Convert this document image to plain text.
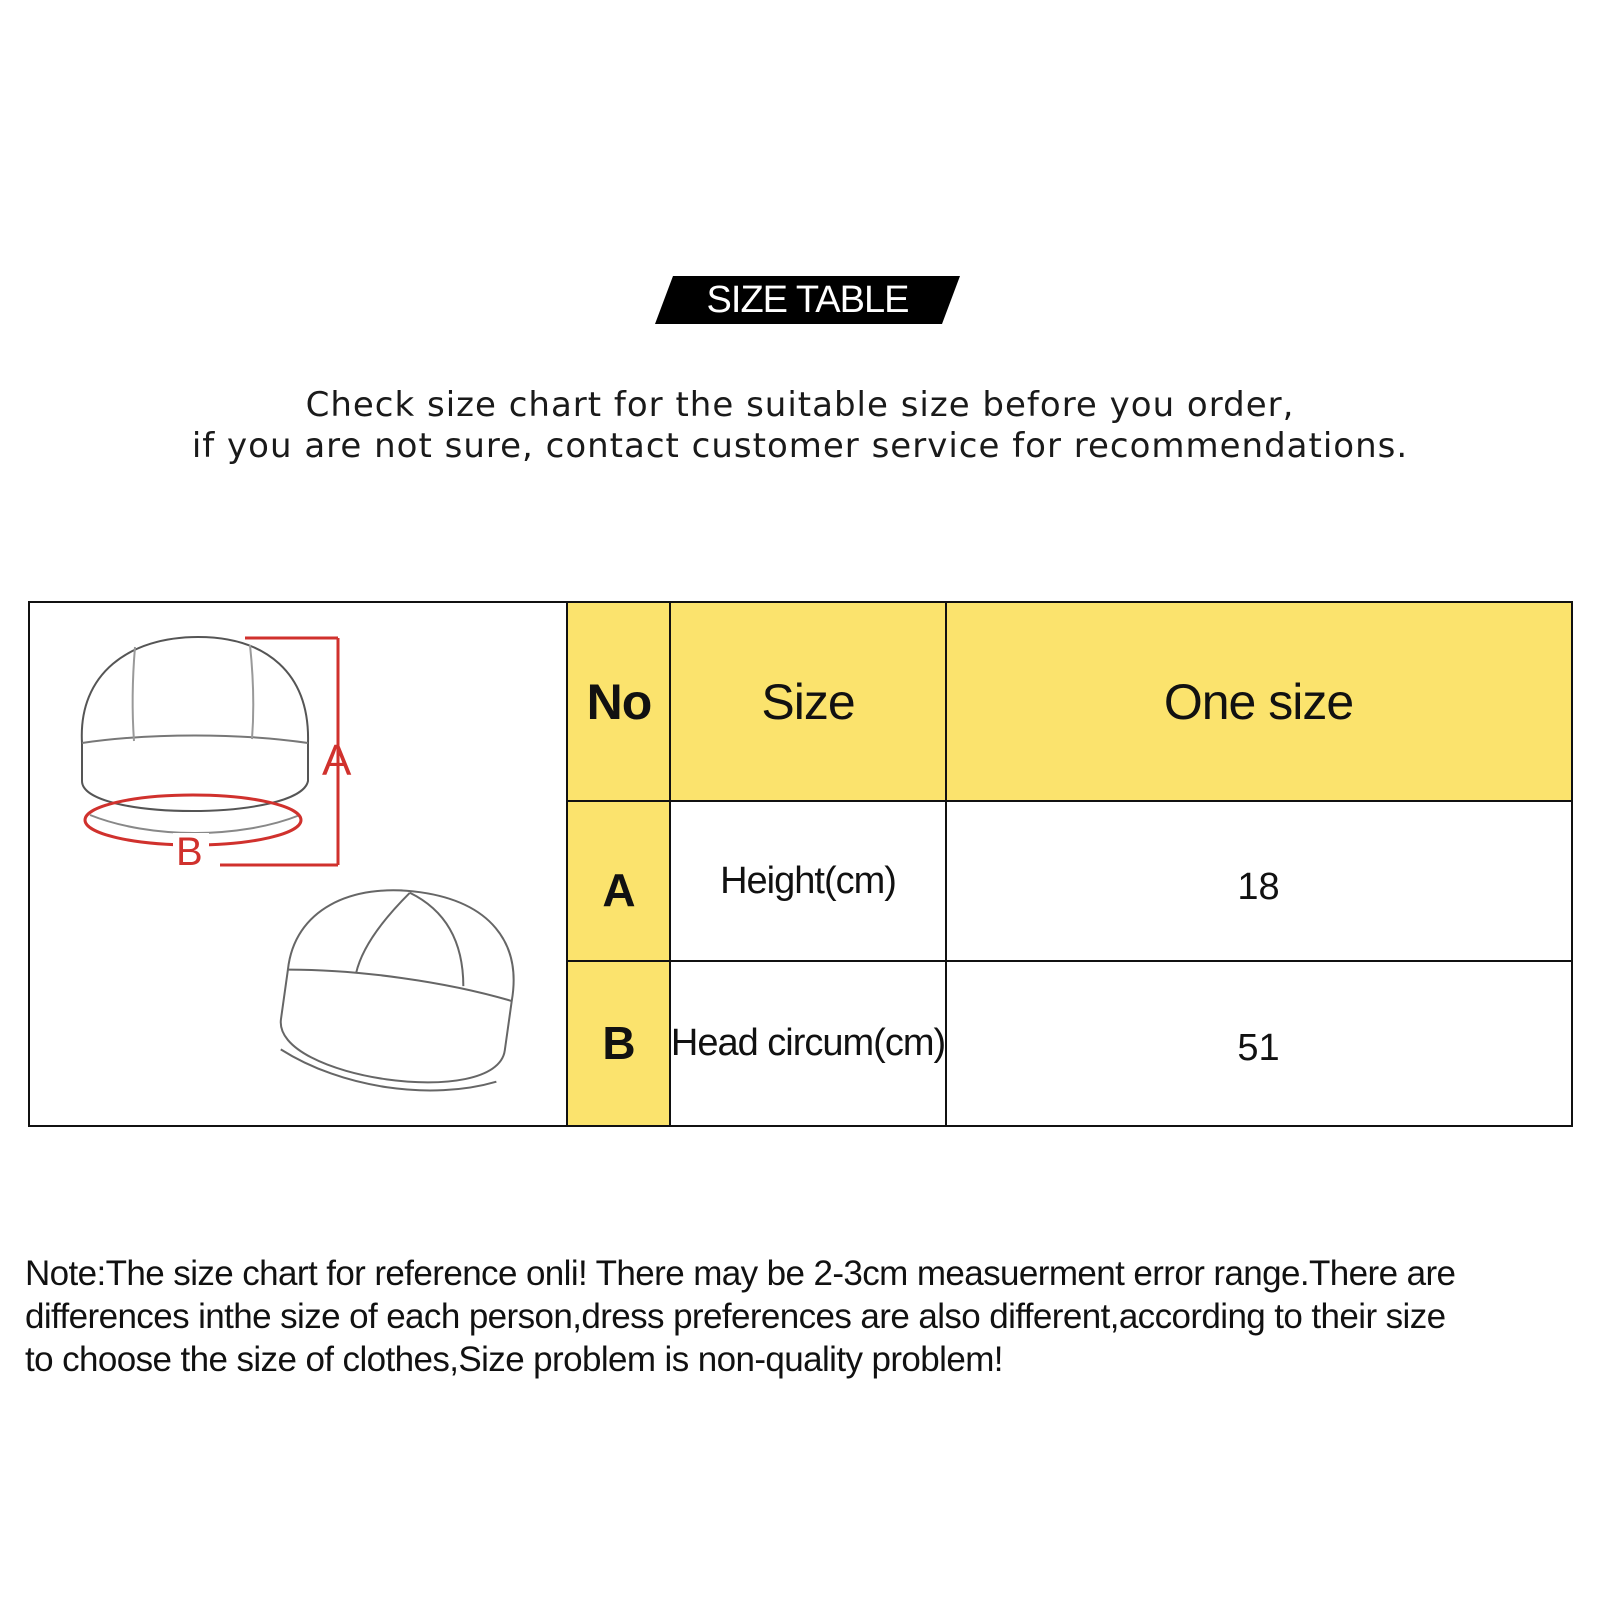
SIZE TABLE
Check size chart for the suitable size before you order,
if you are not sure, contact customer service for recommendations.
A
B
No	Size	One size
A	Height(cm)	18
B Head circum(cm)	51
Note:The size chart for reference onli! There may be 2-3cm measuerment error range.There are
differences inthe size of each person,dress preferences are also different,according to their size
to choose the size of clothes,Size problem is non-quality problem!
